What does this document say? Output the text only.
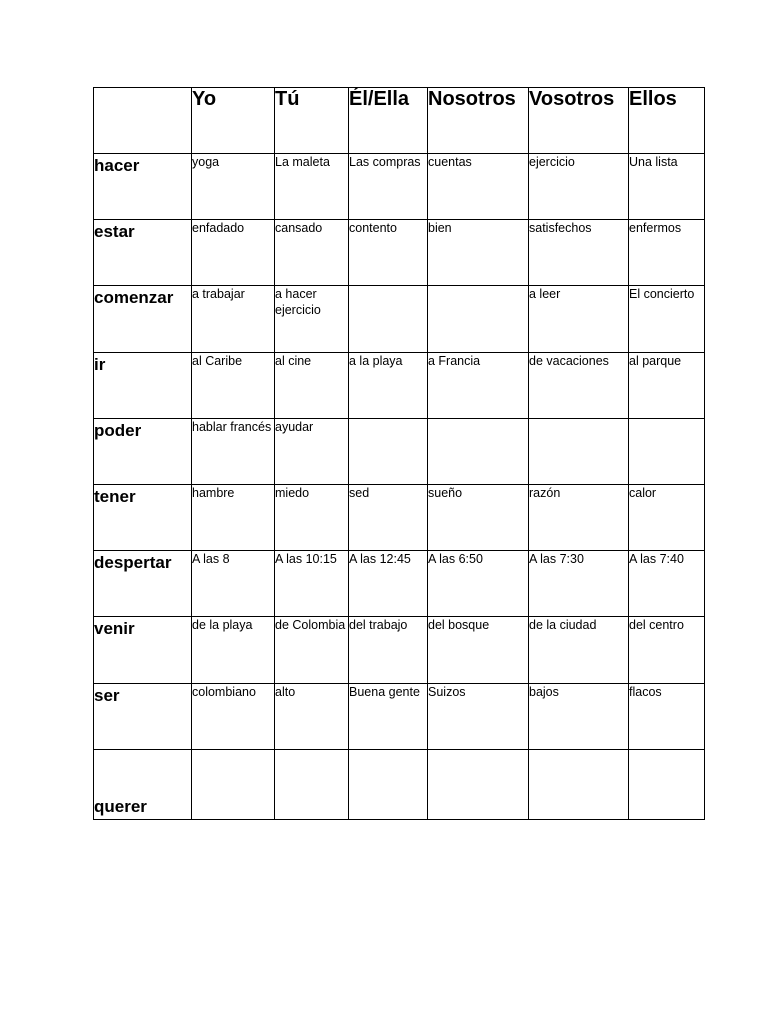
	Yo	Tú	Él/Ella	Nosotros	Vosotros	Ellos
hacer	yoga	La maleta	Las compras	cuentas	ejercicio	Una lista
estar	enfadado	cansado	contento	bien	satisfechos	enfermos
comenzar	a trabajar	a hacer ejercicio			a leer	El concierto
ir	al Caribe	al cine	a la playa	a Francia	de vacaciones	al parque
poder	hablar francés	ayudar				
tener	hambre	miedo	sed	sueño	razón	calor
despertar	A las 8	A las 10:15	A las 12:45	A las 6:50	A las 7:30	A las 7:40
venir	de la playa	de Colombia	del trabajo	del bosque	de la ciudad	del centro
ser	colombiano	alto	Buena gente	Suizos	bajos	flacos
querer						
